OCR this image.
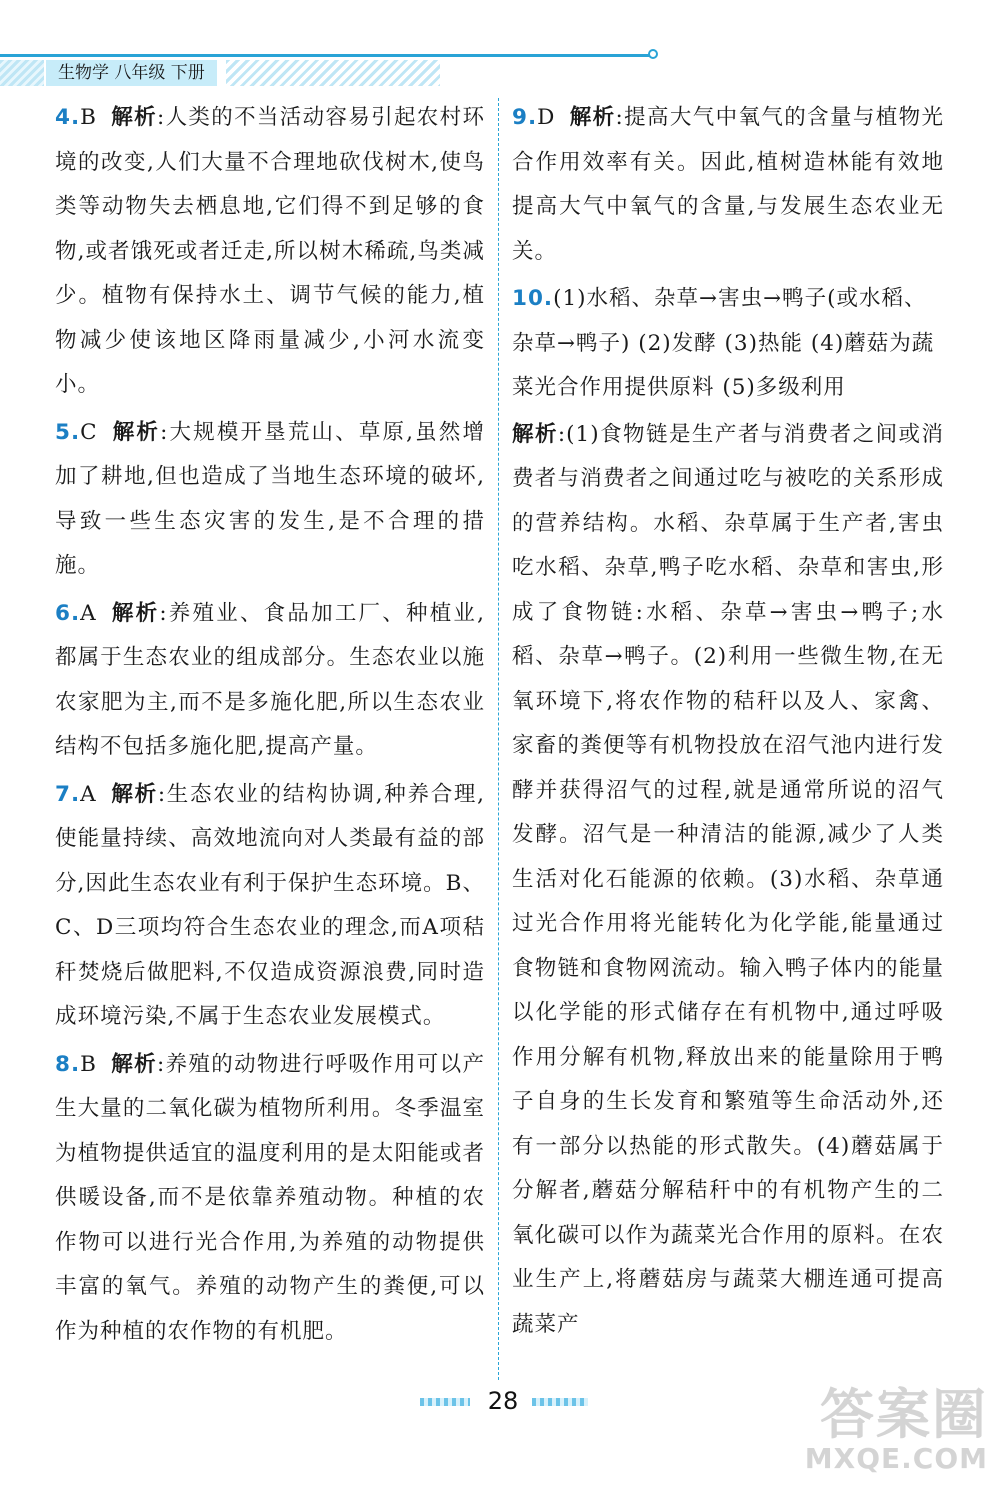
生物学 八年级 下册
4.B 解析:人类的不当活动容易引起农村环境的改变,人们大量不合理地砍伐树木,使鸟类等动物失去栖息地,它们得不到足够的食物,或者饿死或者迁走,所以树木稀疏,鸟类减少。植物有保持水土、调节气候的能力,植物减少使该地区降雨量减少,小河水流变小。
5.C 解析:大规模开垦荒山、草原,虽然增加了耕地,但也造成了当地生态环境的破坏,导致一些生态灾害的发生,是不合理的措施。
6.A 解析:养殖业、食品加工厂、种植业,都属于生态农业的组成部分。生态农业以施农家肥为主,而不是多施化肥,所以生态农业结构不包括多施化肥,提高产量。
7.A 解析:生态农业的结构协调,种养合理,使能量持续、高效地流向对人类最有益的部分,因此生态农业有利于保护生态环境。B、C、D三项均符合生态农业的理念,而A项秸秆焚烧后做肥料,不仅造成资源浪费,同时造成环境污染,不属于生态农业发展模式。
8.B 解析:养殖的动物进行呼吸作用可以产生大量的二氧化碳为植物所利用。冬季温室为植物提供适宜的温度利用的是太阳能或者供暖设备,而不是依靠养殖动物。种植的农作物可以进行光合作用,为养殖的动物提供丰富的氧气。养殖的动物产生的粪便,可以作为种植的农作物的有机肥。
9.D 解析:提高大气中氧气的含量与植物光合作用效率有关。因此,植树造林能有效地提高大气中氧气的含量,与发展生态农业无关。
10.(1)水稻、杂草→害虫→鸭子(或水稻、杂草→鸭子) (2)发酵 (3)热能 (4)蘑菇为蔬菜光合作用提供原料 (5)多级利用
解析:(1)食物链是生产者与消费者之间或消费者与消费者之间通过吃与被吃的关系形成的营养结构。水稻、杂草属于生产者,害虫吃水稻、杂草,鸭子吃水稻、杂草和害虫,形成了食物链:水稻、杂草→害虫→鸭子;水稻、杂草→鸭子。(2)利用一些微生物,在无氧环境下,将农作物的秸秆以及人、家禽、家畜的粪便等有机物投放在沼气池内进行发酵并获得沼气的过程,就是通常所说的沼气发酵。沼气是一种清洁的能源,减少了人类生活对化石能源的依赖。(3)水稻、杂草通过光合作用将光能转化为化学能,能量通过食物链和食物网流动。输入鸭子体内的能量以化学能的形式储存在有机物中,通过呼吸作用分解有机物,释放出来的能量除用于鸭子自身的生长发育和繁殖等生命活动外,还有一部分以热能的形式散失。(4)蘑菇属于分解者,蘑菇分解秸秆中的有机物产生的二氧化碳可以作为蔬菜光合作用的原料。在农业生产上,将蘑菇房与蔬菜大棚连通可提高蔬菜产
28	答案圈
MXQE.COM
